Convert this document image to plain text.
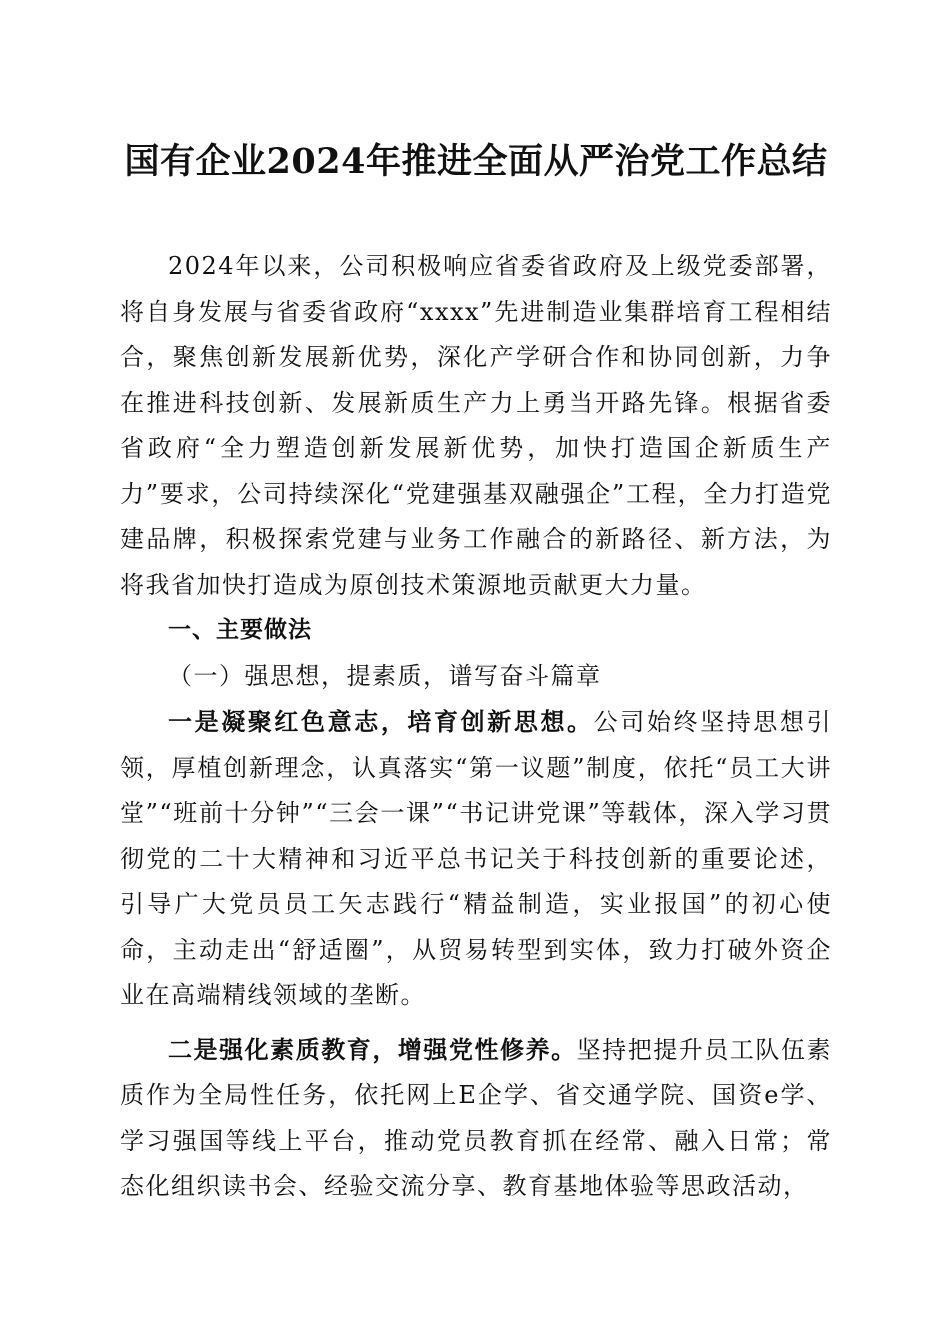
国有企业2024年推进全面从严治党工作总结

2024年以来，公司积极响应省委省政府及上级党委部署，将自身发展与省委省政府“xxxx”先进制造业集群培育工程相结合，聚焦创新发展新优势，深化产学研合作和协同创新，力争在推进科技创新、发展新质生产力上勇当开路先锋。根据省委省政府“全力塑造创新发展新优势，加快打造国企新质生产力”要求，公司持续深化“党建强基双融强企”工程，全力打造党建品牌，积极探索党建与业务工作融合的新路径、新方法，为将我省加快打造成为原创技术策源地贡献更大力量。

一、主要做法
（一）强思想，提素质，谱写奋斗篇章

一是凝聚红色意志，培育创新思想。公司始终坚持思想引领，厚植创新理念，认真落实“第一议题”制度，依托“员工大讲堂”“班前十分钟”“三会一课”“书记讲党课”等载体，深入学习贯彻党的二十大精神和习近平总书记关于科技创新的重要论述，引导广大党员员工矢志践行“精益制造，实业报国”的初心使命，主动走出“舒适圈”，从贸易转型到实体，致力打破外资企业在高端精线领域的垄断。

二是强化素质教育，增强党性修养。坚持把提升员工队伍素质作为全局性任务，依托网上E企学、省交通学院、国资e学、学习强国等线上平台，推动党员教育抓在经常、融入日常；常态化组织读书会、经验交流分享、教育基地体验等思政活动，
